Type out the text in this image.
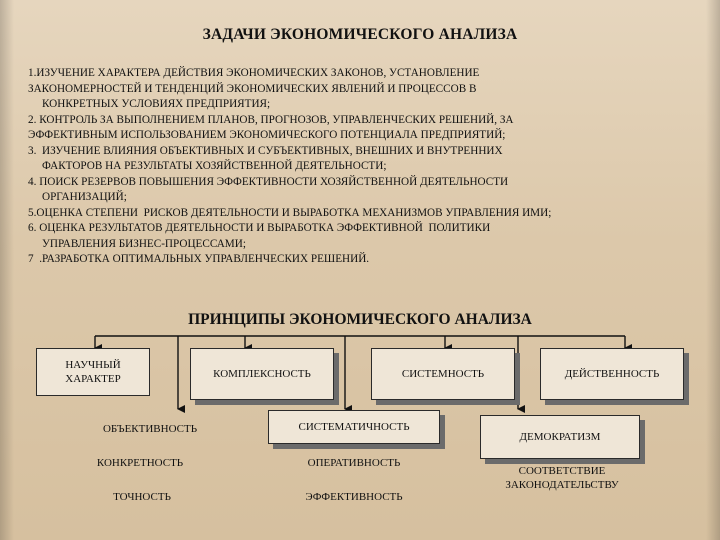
ЗАДАЧИ ЭКОНОМИЧЕСКОГО АНАЛИЗА
1.ИЗУЧЕНИЕ ХАРАКТЕРА ДЕЙСТВИЯ ЭКОНОМИЧЕСКИХ ЗАКОНОВ, УСТАНОВЛЕНИЕ
ЗАКОНОМЕРНОСТЕЙ И ТЕНДЕНЦИЙ ЭКОНОМИЧЕСКИХ ЯВЛЕНИЙ И ПРОЦЕССОВ В
КОНКРЕТНЫХ УСЛОВИЯХ ПРЕДПРИЯТИЯ;
2. КОНТРОЛЬ ЗА ВЫПОЛНЕНИЕМ ПЛАНОВ, ПРОГНОЗОВ, УПРАВЛЕНЧЕСКИХ РЕШЕНИЙ, ЗА
ЭФФЕКТИВНЫМ ИСПОЛЬЗОВАНИЕМ ЭКОНОМИЧЕСКОГО ПОТЕНЦИАЛА ПРЕДПРИЯТИЙ;
3.  ИЗУЧЕНИЕ ВЛИЯНИЯ ОБЪЕКТИВНЫХ И СУБЪЕКТИВНЫХ, ВНЕШНИХ И ВНУТРЕННИХ
ФАКТОРОВ НА РЕЗУЛЬТАТЫ ХОЗЯЙСТВЕННОЙ ДЕЯТЕЛЬНОСТИ;
4. ПОИСК РЕЗЕРВОВ ПОВЫШЕНИЯ ЭФФЕКТИВНОСТИ ХОЗЯЙСТВЕННОЙ ДЕЯТЕЛЬНОСТИ
ОРГАНИЗАЦИЙ;
5.ОЦЕНКА СТЕПЕНИ  РИСКОВ ДЕЯТЕЛЬНОСТИ И ВЫРАБОТКА МЕХАНИЗМОВ УПРАВЛЕНИЯ ИМИ;
6. ОЦЕНКА РЕЗУЛЬТАТОВ ДЕЯТЕЛЬНОСТИ И ВЫРАБОТКА ЭФФЕКТИВНОЙ  ПОЛИТИКИ
УПРАВЛЕНИЯ БИЗНЕС-ПРОЦЕССАМИ;
7  .РАЗРАБОТКА ОПТИМАЛЬНЫХ УПРАВЛЕНЧЕСКИХ РЕШЕНИЙ.
ПРИНЦИПЫ ЭКОНОМИЧЕСКОГО АНАЛИЗА
НАУЧНЫЙ ХАРАКТЕР	КОМПЛЕКСНОСТЬ	СИСТЕМНОСТЬ	ДЕЙСТВЕННОСТЬ
СИСТЕМАТИЧНОСТЬ
ДЕМОКРАТИЗМ
ОБЪЕКТИВНОСТЬ
КОНКРЕТНОСТЬ
ТОЧНОСТЬ
ОПЕРАТИВНОСТЬ
ЭФФЕКТИВНОСТЬ
СООТВЕТСТВИЕ ЗАКОНОДАТЕЛЬСТВУ
